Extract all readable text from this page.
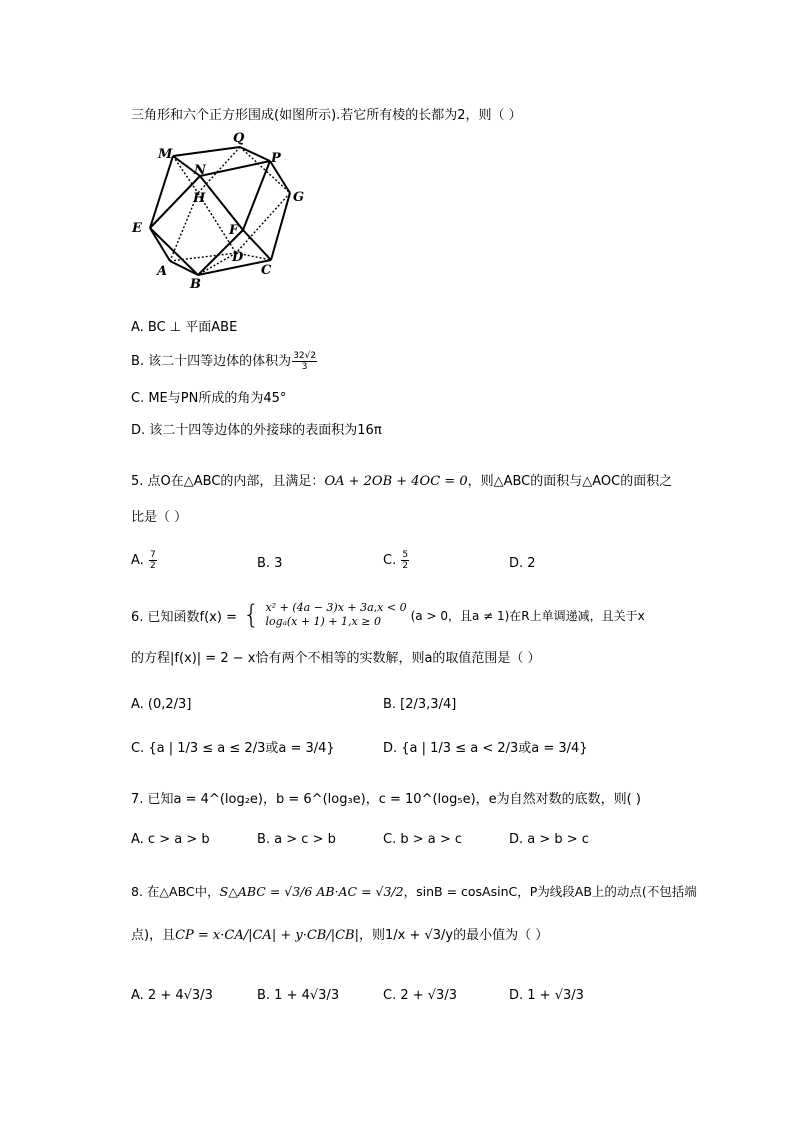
三角形和六个正方形围成(如图所示).若它所有棱的长都为2，则（ ）
M
Q
P
N
H	G
E	F
D
A
B
C
A. BC ⊥ 平面ABE
B. 该二十四等边体的体积为 $\frac{32√2}{3}$
C. ME与PN所成的角为45°
D. 该二十四等边体的外接球的表面积为16π
5. 点O在△ABC的内部，且满足：OA + 2OB + 4OC = 0，则△ABC的面积与△AOC的面积之
比是（ ）
A. $\frac{7}{2}$	B. 3	C. $\frac{5}{2}$	D. 2
6. 已知函数f(x) = { x² + (4a − 3)x + 3a,x < 0
logₐ(x + 1) + 1,x ≥ 0	(a > 0，且a ≠ 1)在R上单调递减，且关于x
的方程|f(x)| = 2 − x恰有两个不相等的实数解，则a的取值范围是（ ）
A. (0,2/3]	B. [2/3,3/4]
C. {a | 1/3 ≤ a ≤ 2/3或a = 3/4}	D. {a | 1/3 ≤ a < 2/3或a = 3/4}
7. 已知a = 4^(log₂e)，b = 6^(log₃e)，c = 10^(log₅e)，e为自然对数的底数，则( )
A. c > a > b	B. a > c > b	C. b > a > c	D. a > b > c
8. 在△ABC中，S△ABC = √3/6 AB·AC = √3/2，sinB = cosAsinC，P为线段AB上的动点(不包括端
点)，且CP = x·CA/|CA| + y·CB/|CB|，则1/x + √3/y的最小值为（ ）
A. 2 + 4√3/3	B. 1 + 4√3/3	C. 2 + √3/3	D. 1 + √3/3
